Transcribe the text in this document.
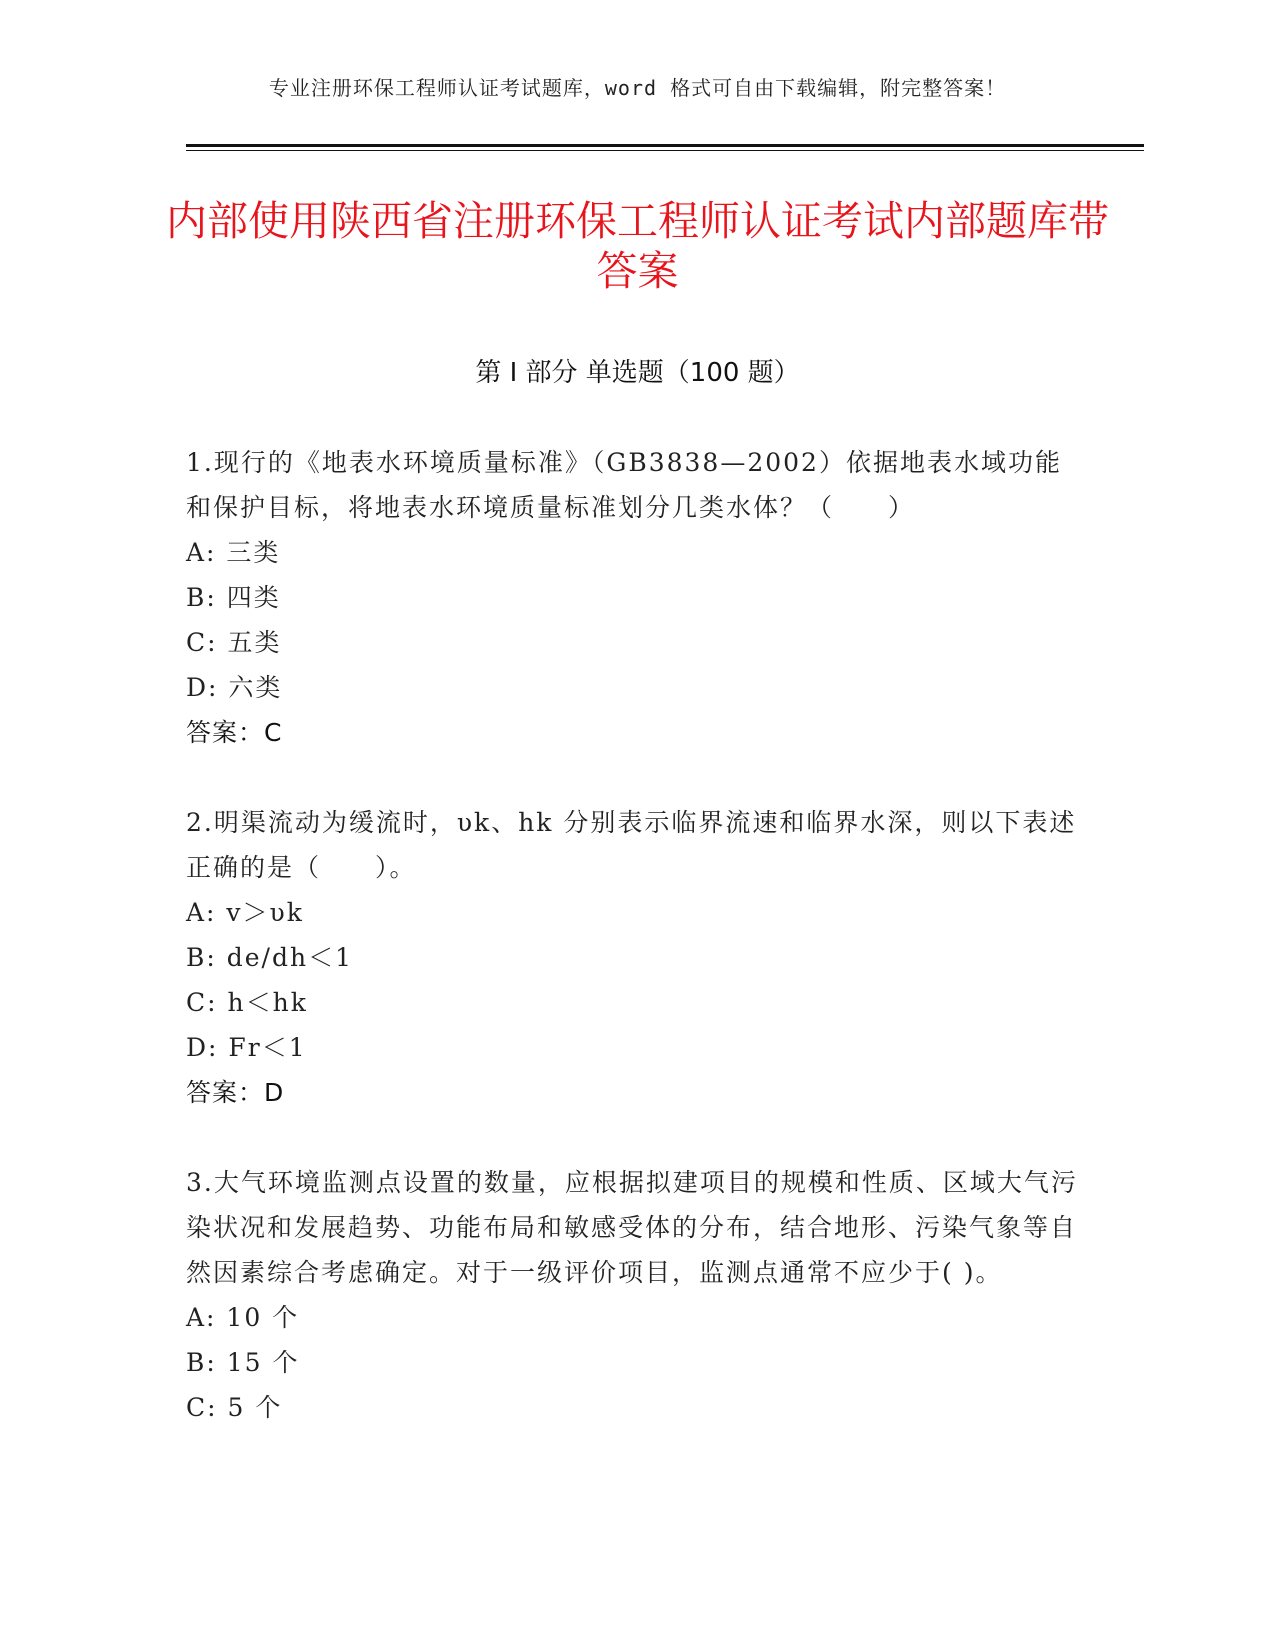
专业注册环保工程师认证考试题库，word 格式可自由下载编辑，附完整答案！
内部使用陕西省注册环保工程师认证考试内部题库带答案
第 I 部分 单选题（100 题）
1.现行的《地表水环境质量标准》（GB3838—2002）依据地表水域功能和保护目标，将地表水环境质量标准划分几类水体？（　　）
A: 三类
B: 四类
C: 五类
D: 六类
答案：C
2.明渠流动为缓流时，υk、hk 分别表示临界流速和临界水深，则以下表述正确的是（　　）。
A: v＞υk
B: de/dh＜1
C: h＜hk
D: Fr＜1
答案：D
3.大气环境监测点设置的数量，应根据拟建项目的规模和性质、区域大气污染状况和发展趋势、功能布局和敏感受体的分布，结合地形、污染气象等自然因素综合考虑确定。对于一级评价项目，监测点通常不应少于( )。
A: 10 个
B: 15 个
C: 5 个
